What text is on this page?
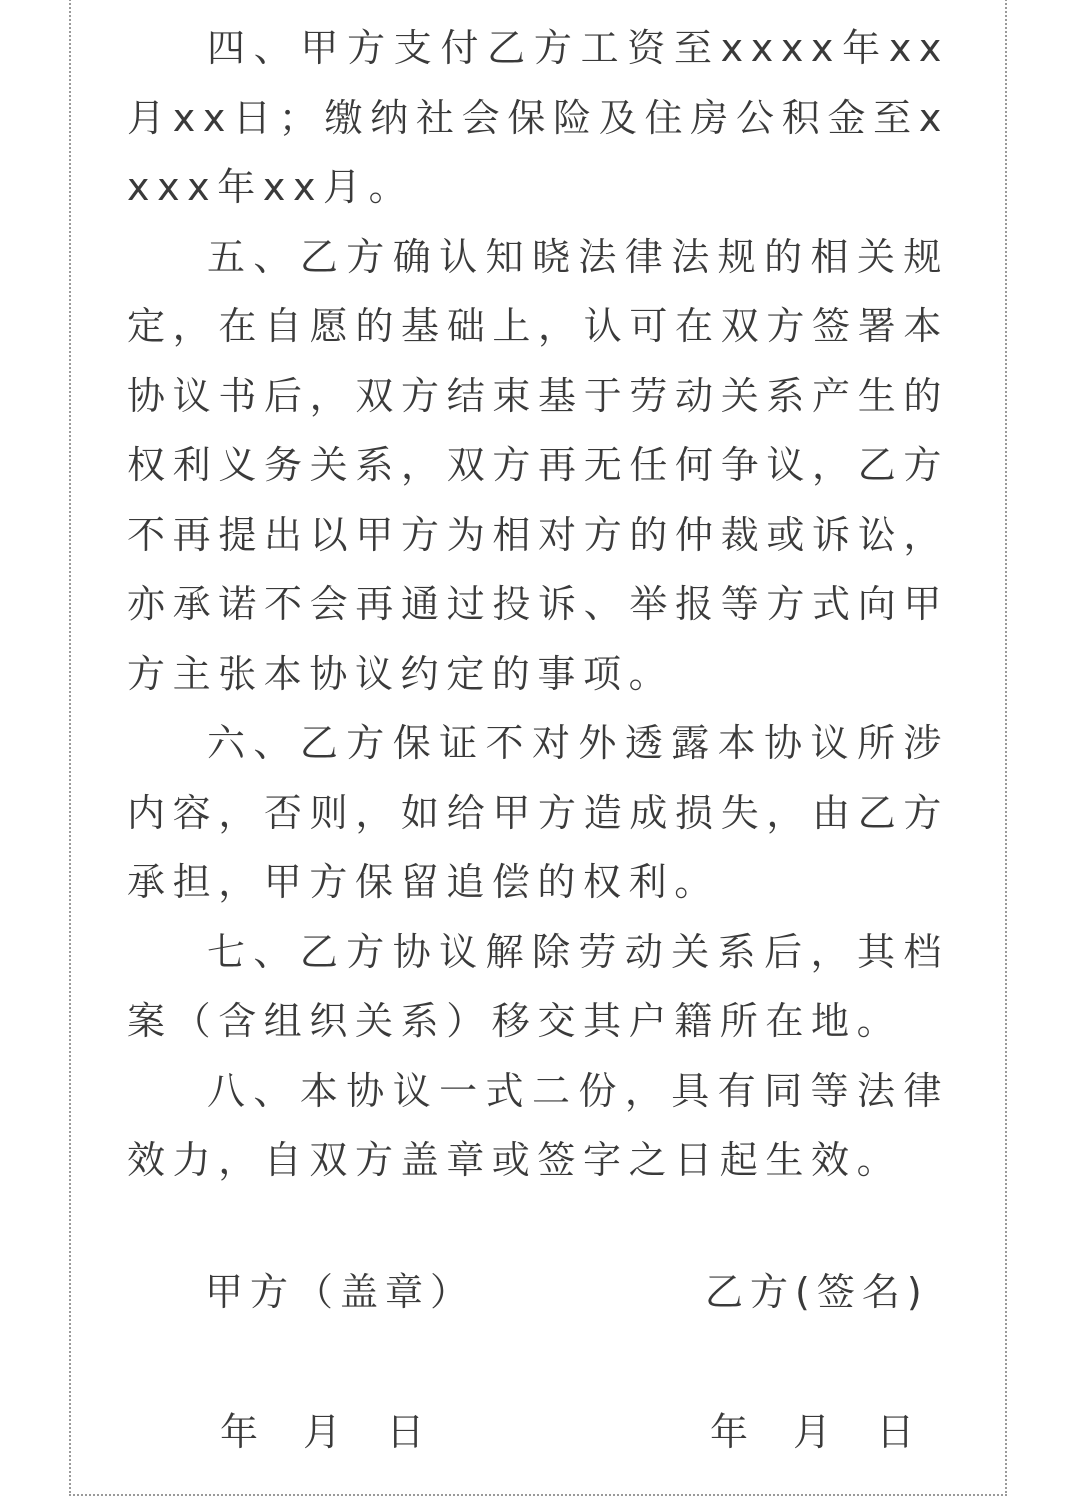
四、甲方支付乙方工资至xxxx年xx月xx日；缴纳社会保险及住房公积金至xxxx年xx月。

五、乙方确认知晓法律法规的相关规定，在自愿的基础上，认可在双方签署本协议书后，双方结束基于劳动关系产生的权利义务关系，双方再无任何争议，乙方不再提出以甲方为相对方的仲裁或诉讼，亦承诺不会再通过投诉、举报等方式向甲方主张本协议约定的事项。

六、乙方保证不对外透露本协议所涉内容，否则，如给甲方造成损失，由乙方承担，甲方保留追偿的权利。

七、乙方协议解除劳动关系后，其档案（含组织关系）移交其户籍所在地。

八、本协议一式二份，具有同等法律效力，自双方盖章或签字之日起生效。

甲方（盖章）	乙方(签名)
年  月  日	年  月  日
